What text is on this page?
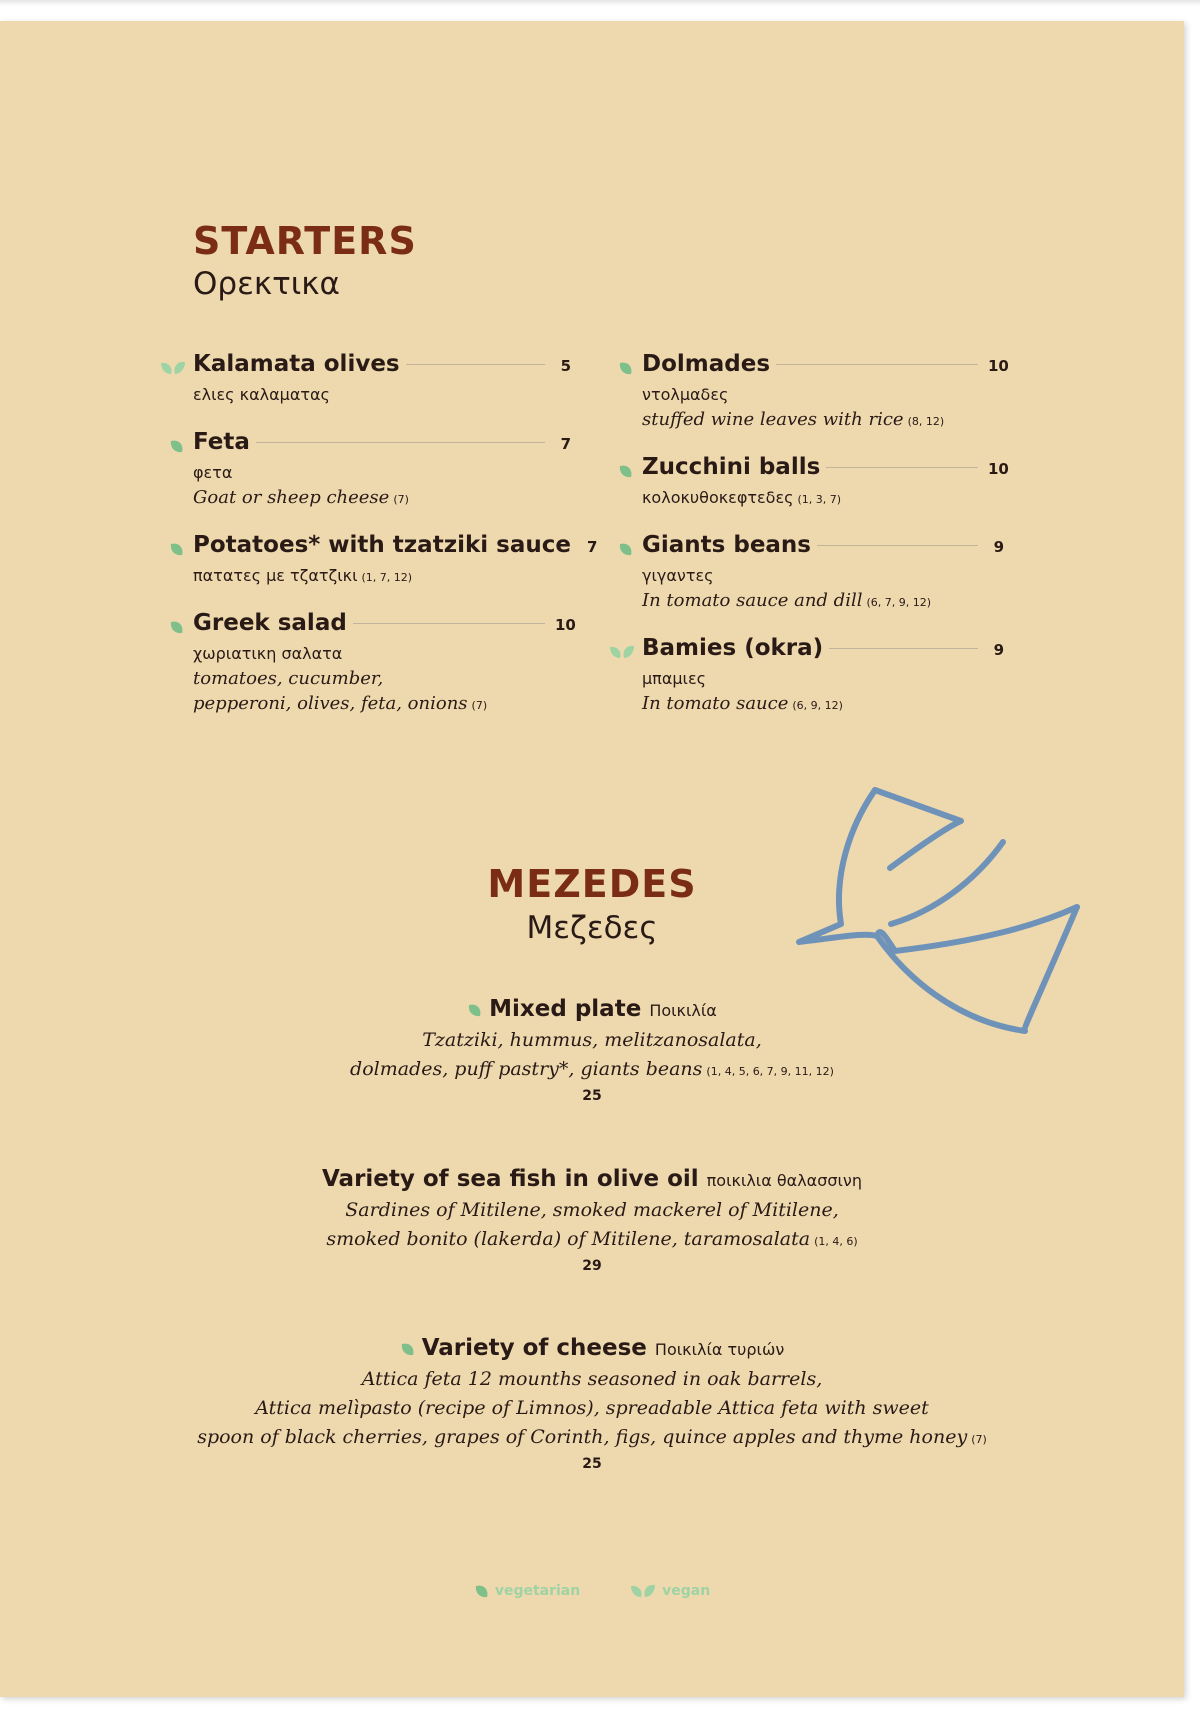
STARTERS
Ορεκτικα
Kalamata olives	5
ελιες καλαματας
Feta	7
φετα
Goat or sheep cheese (7)
Potatoes* with tzatziki sauce 7
πατατες με τζατζικι (1, 7, 12)
Greek salad	10
χωριατικη σαλατα
tomatoes, cucumber,
pepperoni, olives, feta, onions (7)
Dolmades	10
ντολμαδες
stuffed wine leaves with rice (8, 12)
Zucchini balls	10
κολοκυθοκεφτεδες (1, 3, 7)
Giants beans	9
γιγαντες
In tomato sauce and dill (6, 7, 9, 12)
Bamies (okra)	9
μπαμιες
In tomato sauce (6, 9, 12)
MEZEDES
Μεζεδες
Mixed plate Ποικιλία
Tzatziki, hummus, melitzanosalata,
dolmades, puff pastry*, giants beans (1, 4, 5, 6, 7, 9, 11, 12)
25
Variety of sea fish in olive oil ποικιλια θαλασσινη
Sardines of Mitilene, smoked mackerel of Mitilene,
smoked bonito (lakerda) of Mitilene, taramosalata (1, 4, 6)
29
Variety of cheese Ποικιλία τυριών
Attica feta 12 mounths seasoned in oak barrels,
Attica melìpasto (recipe of Limnos), spreadable Attica feta with sweet
spoon of black cherries, grapes of Corinth, figs, quince apples and thyme honey (7)
25
vegetarian
	vegan
